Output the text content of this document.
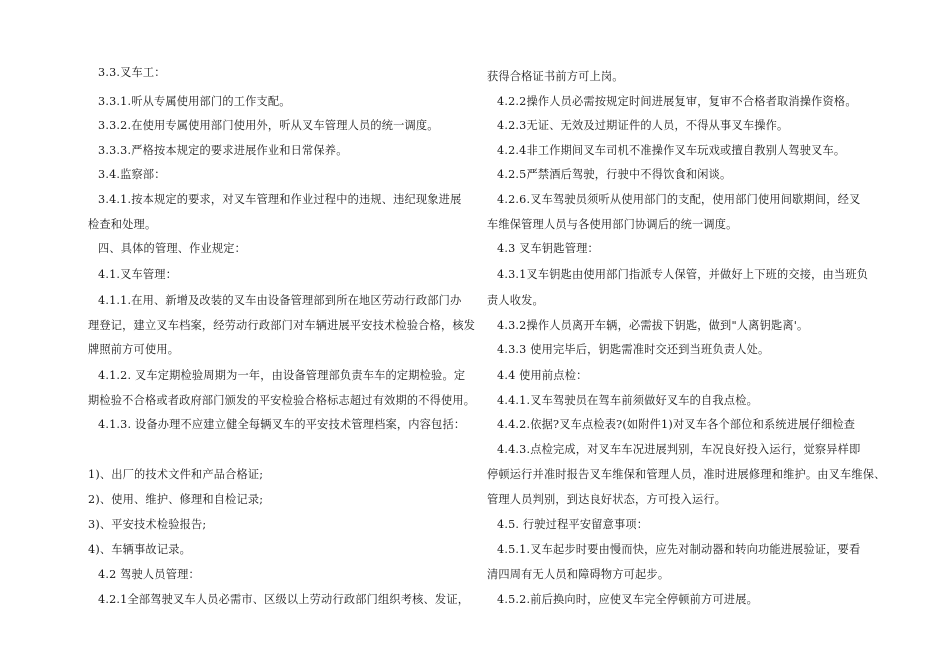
3.3.叉车工：
3.3.1.听从专属使用部门的工作支配。
3.3.2.在使用专属使用部门使用外，听从叉车管理人员的统一调度。
3.3.3.严格按本规定的要求进展作业和日常保养。
3.4.监察部：
3.4.1.按本规定的要求，对叉车管理和作业过程中的违规、违纪现象进展
检查和处理。
四、具体的管理、作业规定：
4.1.叉车管理：
4.1.1.在用、新增及改装的叉车由设备管理部到所在地区劳动行政部门办
理登记，建立叉车档案，经劳动行政部门对车辆进展平安技术检验合格，核发
牌照前方可使用。
4.1.2. 叉车定期检验周期为一年，由设备管理部负责车车的定期检验。定
期检验不合格或者政府部门颁发的平安检验合格标志超过有效期的不得使用。
4.1.3. 设备办理不应建立健全每辆叉车的平安技术管理档案，内容包括：
1)、出厂的技术文件和产品合格证;
2)、使用、维护、修理和自检记录;
3)、平安技术检验报告;
4)、车辆事故记录。
4.2 驾驶人员管理：
4.2.1全部驾驶叉车人员必需市、区级以上劳动行政部门组织考核、发证，
获得合格证书前方可上岗。
4.2.2操作人员必需按规定时间进展复审，复审不合格者取消操作资格。
4.2.3无证、无效及过期证件的人员，不得从事叉车操作。
4.2.4非工作期间叉车司机不准操作叉车玩戏或擅自教别人驾驶叉车。
4.2.5严禁酒后驾驶，行驶中不得饮食和闲谈。
4.2.6.叉车驾驶员须听从使用部门的支配，使用部门使用间歇期间，经叉
车维保管理人员与各使用部门协调后的统一调度。
4.3 叉车钥匙管理：
4.3.1叉车钥匙由使用部门指派专人保管，并做好上下班的交接，由当班负
责人收发。
4.3.2操作人员离开车辆，必需拔下钥匙，做到"人离钥匙离'。
4.3.3 使用完毕后，钥匙需准时交还到当班负责人处。
4.4 使用前点检：
4.4.1.叉车驾驶员在驾车前须做好叉车的自我点检。
4.4.2.依据?叉车点检表?(如附件1)对叉车各个部位和系统进展仔细检查
4.4.3.点检完成，对叉车车况进展判别，车况良好投入运行，觉察异样即
停顿运行并准时报告叉车维保和管理人员，准时进展修理和维护。由叉车维保、
管理人员判别，到达良好状态，方可投入运行。
4.5. 行驶过程平安留意事项：
4.5.1.叉车起步时要由慢而快，应先对制动器和转向功能进展验证，要看
清四周有无人员和障碍物方可起步。
4.5.2.前后换向时，应使叉车完全停顿前方可进展。
